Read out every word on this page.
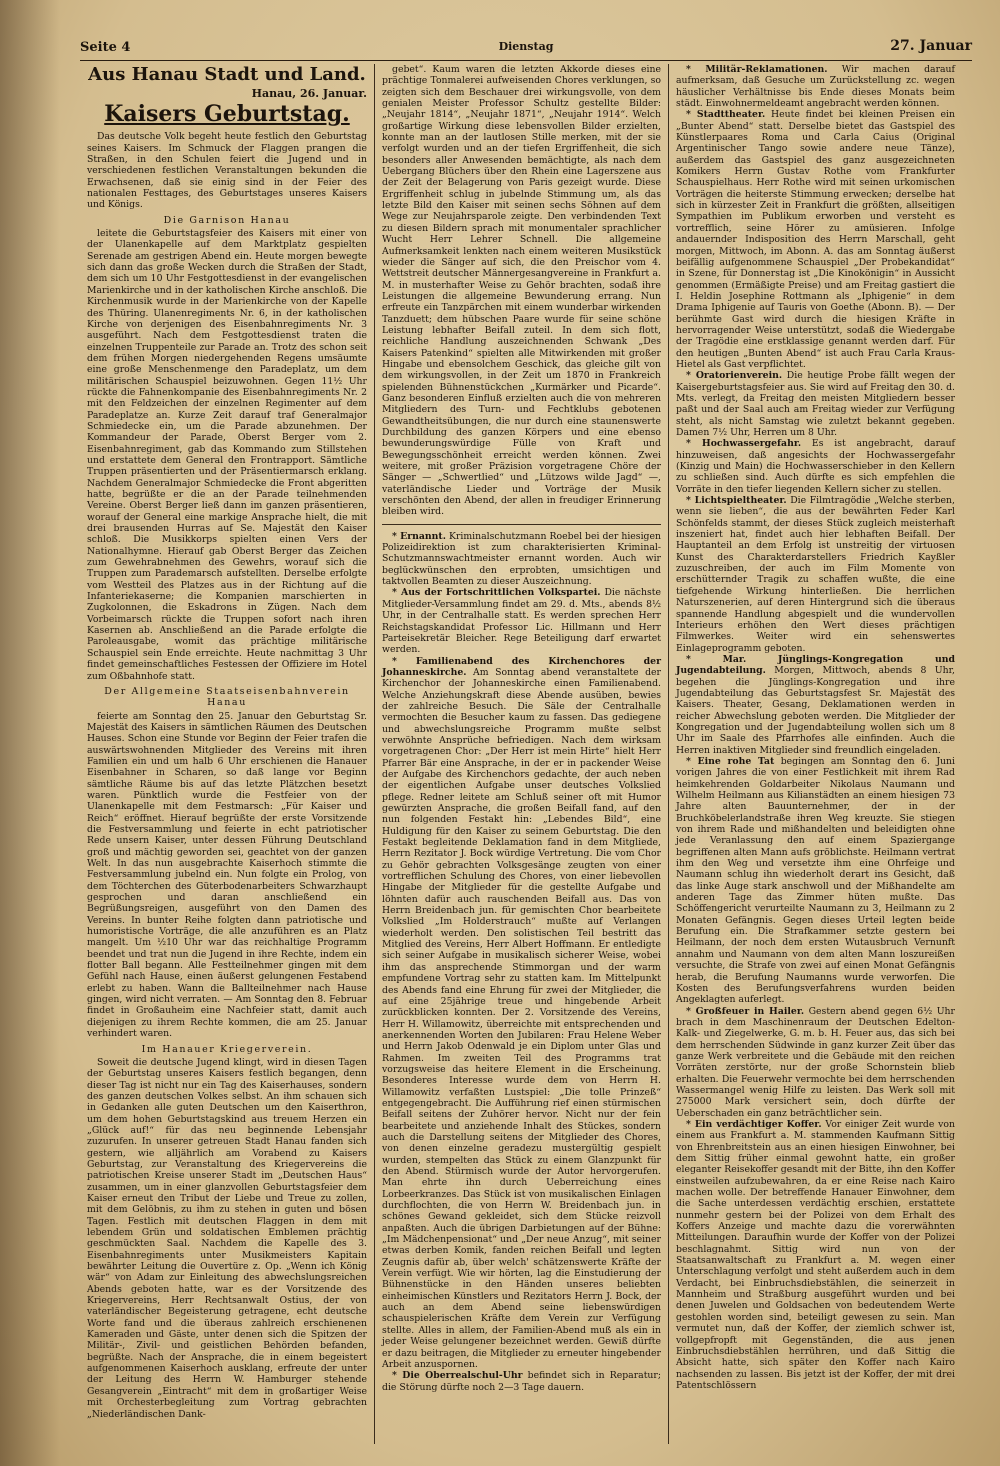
Seite 4	Dienstag	27. Januar
Aus Hanau Stadt und Land.

Hanau, 26. Januar.

Kaisers Geburtstag.

Das deutsche Volk begeht heute festlich den Geburtstag seines Kaisers. Im Schmuck der Flaggen prangen die Straßen, in den Schulen feiert die Jugend und in verschiedenen festlichen Veranstaltungen bekunden die Erwachsenen, daß sie einig sind in der Feier des nationalen Festtages, des Geburtstages unseres Kaisers und Königs.

Die Garnison Hanau

leitete die Geburtstagsfeier des Kaisers mit einer von der Ulanenkapelle auf dem Marktplatz gespielten Serenade am gestrigen Abend ein. Heute morgen bewegte sich dann das große Wecken durch die Straßen der Stadt, dem sich um 10 Uhr Festgottesdienst in der evangelischen Marienkirche und in der katholischen Kirche anschloß. Die Kirchenmusik wurde in der Marienkirche von der Kapelle des Thüring. Ulanenregiments Nr. 6, in der katholischen Kirche von derjenigen des Eisenbahnregiments Nr. 3 ausgeführt. Nach dem Festgottesdienst traten die einzelnen Truppenteile zur Parade an. Trotz des schon seit dem frühen Morgen niedergehenden Regens umsäumte eine große Menschenmenge den Paradeplatz, um dem militärischen Schauspiel beizuwohnen. Gegen 11½ Uhr rückte die Fahnenkompanie des Eisenbahnregiments Nr. 2 mit den Feldzeichen der einzelnen Regimenter auf dem Paradeplatze an. Kurze Zeit darauf traf Generalmajor Schmiedecke ein, um die Parade abzunehmen. Der Kommandeur der Parade, Oberst Berger vom 2. Eisenbahnregiment, gab das Kommando zum Stillstehen und erstattete dem General den Frontrapport. Sämtliche Truppen präsentierten und der Präsentiermarsch erklang. Nachdem Generalmajor Schmiedecke die Front abgeritten hatte, begrüßte er die an der Parade teilnehmenden Vereine. Oberst Berger ließ dann im ganzen präsentieren, worauf der General eine markige Ansprache hielt, die mit drei brausenden Hurras auf Se. Majestät den Kaiser schloß. Die Musikkorps spielten einen Vers der Nationalhymne. Hierauf gab Oberst Berger das Zeichen zum Gewehrabnehmen des Gewehrs, worauf sich die Truppen zum Parademarsch aufstellten. Derselbe erfolgte vom Westteil des Platzes aus in der Richtung auf die Infanteriekaserne; die Kompanien marschierten in Zugkolonnen, die Eskadrons in Zügen. Nach dem Vorbeimarsch rückte die Truppen sofort nach ihren Kasernen ab. Anschließend an die Parade erfolgte die Paroleausgabe, womit das prächtige militärische Schauspiel sein Ende erreichte. Heute nachmittag 3 Uhr findet gemeinschaftliches Festessen der Offiziere im Hotel zum Oßbahnhofe statt.

Der Allgemeine Staatseisenbahnverein Hanau

feierte am Sonntag den 25. Januar den Geburtstag Sr. Majestät des Kaisers in sämtlichen Räumen des Deutschen Hauses. Schon eine Stunde vor Beginn der Feier trafen die auswärtswohnenden Mitglieder des Vereins mit ihren Familien ein und um halb 6 Uhr erschienen die Hanauer Eisenbahner in Scharen, so daß lange vor Beginn sämtliche Räume bis auf das letzte Plätzchen besetzt waren. Pünktlich wurde die Festfeier von der Ulanenkapelle mit dem Festmarsch: „Für Kaiser und Reich“ eröffnet. Hierauf begrüßte der erste Vorsitzende die Festversammlung und feierte in echt patriotischer Rede unsern Kaiser, unter dessen Führung Deutschland groß und mächtig geworden sei, geachtet von der ganzen Welt. In das nun ausgebrachte Kaiserhoch stimmte die Festversammlung jubelnd ein. Nun folgte ein Prolog, von dem Töchterchen des Güterbodenarbeiters Schwarzhaupt gesprochen und daran anschließend ein Begrüßungsreigen, ausgeführt von den Damen des Vereins. In bunter Reihe folgten dann patriotische und humoristische Vorträge, die alle anzuführen es an Platz mangelt. Um ½10 Uhr war das reichhaltige Programm beendet und trat nun die Jugend in ihre Rechte, indem ein flotter Ball begann. Alle Festteilnehmer gingen mit dem Gefühl nach Hause, einen äußerst gelungenen Festabend erlebt zu haben. Wann die Ballteilnehmer nach Hause gingen, wird nicht verraten. — Am Sonntag den 8. Februar findet in Großauheim eine Nachfeier statt, damit auch diejenigen zu ihrem Rechte kommen, die am 25. Januar verhindert waren.

Im Hanauer Kriegerverein.

Soweit die deutsche Jugend klingt, wird in diesen Tagen der Geburtstag unseres Kaisers festlich begangen, denn dieser Tag ist nicht nur ein Tag des Kaiserhauses, sondern des ganzen deutschen Volkes selbst. An ihm schauen sich in Gedanken alle guten Deutschen um den Kaiserthron, um dem hohen Geburtstagskind aus treuem Herzen ein „Glück auf!“ für das neu beginnende Lebensjahr zuzurufen. In unserer getreuen Stadt Hanau fanden sich gestern, wie alljährlich am Vorabend zu Kaisers Geburtstag, zur Veranstaltung des Kriegervereins die patriotischen Kreise unserer Stadt im „Deutschen Haus“ zusammen, um in einer glanzvollen Geburtstagsfeier dem Kaiser erneut den Tribut der Liebe und Treue zu zollen, mit dem Gelöbnis, zu ihm zu stehen in guten und bösen Tagen. Festlich mit deutschen Flaggen in dem mit lebendem Grün und soldatischen Emblemen prächtig geschmückten Saal. Nachdem die Kapelle des 3. Eisenbahnregiments unter Musikmeisters Kapitain bewährter Leitung die Ouvertüre z. Op. „Wenn ich König wär“ von Adam zur Einleitung des abwechslungsreichen Abends geboten hatte, war es der Vorsitzende des Kriegervereins, Herr Rechtsanwalt Ostius, der von vaterländischer Begeisterung getragene, echt deutsche Worte fand und die überaus zahlreich erschienenen Kameraden und Gäste, unter denen sich die Spitzen der Militär-, Zivil- und geistlichen Behörden befanden, begrüßte. Nach der Ansprache, die in einem begeistert aufgenommenen Kaiserhoch ausklang, erfreute der unter der Leitung des Herrn W. Hamburger stehende Gesangverein „Eintracht“ mit dem in großartiger Weise mit Orchesterbegleitung zum Vortrag gebrachten „Niederländischen Dank-

gebet“. Kaum waren die letzten Akkorde dieses eine prächtige Tonmalerei aufweisenden Chores verklungen, so zeigten sich dem Beschauer drei wirkungsvolle, von dem genialen Meister Professor Schultz gestellte Bilder: „Neujahr 1814“, „Neujahr 1871“, „Neujahr 1914“. Welch großartige Wirkung diese lebensvollen Bilder erzielten, konnte man an der lautlosen Stille merken, mit der sie verfolgt wurden und an der tiefen Ergriffenheit, die sich besonders aller Anwesenden bemächtigte, als nach dem Uebergang Blüchers über den Rhein eine Lagerszene aus der Zeit der Belagerung von Paris gezeigt wurde. Diese Ergriffenheit schlug in jubelnde Stimmung um, als das letzte Bild den Kaiser mit seinen sechs Söhnen auf dem Wege zur Neujahrsparole zeigte. Den verbindenden Text zu diesen Bildern sprach mit monumentaler sprachlicher Wucht Herr Lehrer Schnell. Die allgemeine Aufmerksamkeit lenkten nach einem weiteren Musikstück wieder die Sänger auf sich, die den Preischor vom 4. Wettstreit deutscher Männergesangvereine in Frankfurt a. M. in musterhafter Weise zu Gehör brachten, sodaß ihre Leistungen die allgemeine Bewunderung errang. Nun erfreute ein Tanzpärchen mit einem wunderbar wirkenden Tanzduett; dem hübschen Paare wurde für seine schöne Leistung lebhafter Beifall zuteil. In dem sich flott, reichliche Handlung auszeichnenden Schwank „Des Kaisers Patenkind“ spielten alle Mitwirkenden mit großer Hingabe und ebensolchem Geschick, das gleiche gilt von dem wirkungsvollen, in der Zeit um 1870 in Frankreich spielenden Bühnenstückchen „Kurmärker und Picarde“. Ganz besonderen Einfluß erzielten auch die von mehreren Mitgliedern des Turn- und Fechtklubs gebotenen Gewandtheitsübungen, die nur durch eine staunenswerte Durchbildung des ganzen Körpers und eine ebenso bewunderungswürdige Fülle von Kraft und Bewegungsschönheit erreicht werden können. Zwei weitere, mit großer Präzision vorgetragene Chöre der Sänger — „Schwertlied“ und „Lützows wilde Jagd“ —, vaterländische Lieder und Vorträge der Musik verschönten den Abend, der allen in freudiger Erinnerung bleiben wird.

* Ernannt. Kriminalschutzmann Roebel bei der hiesigen Polizeidirektion ist zum charakterisierten Kriminal-Schutzmannswachtmeister ernannt worden. Auch wir beglückwünschen den erprobten, umsichtigen und taktvollen Beamten zu dieser Auszeichnung.

* Aus der Fortschrittlichen Volkspartei. Die nächste Mitglieder-Versammlung findet am 29. d. Mts., abends 8½ Uhr, in der Centralhalle statt. Es werden sprechen Herr Reichstagskandidat Professor Lic. Hillmann und Herr Parteisekretär Bleicher. Rege Beteiligung darf erwartet werden.

* Familienabend des Kirchenchores der Johanneskirche. Am Sonntag abend veranstaltete der Kirchenchor der Johanneskirche einen Familienabend. Welche Anziehungskraft diese Abende ausüben, bewies der zahlreiche Besuch. Die Säle der Centralhalle vermochten die Besucher kaum zu fassen. Das gediegene und abwechslungsreiche Programm mußte selbst verwöhnte Ansprüche befriedigen. Nach dem wirksam vorgetragenen Chor: „Der Herr ist mein Hirte“ hielt Herr Pfarrer Bär eine Ansprache, in der er in packender Weise der Aufgabe des Kirchenchors gedachte, der auch neben der eigentlichen Aufgabe unser deutsches Volkslied pflege. Redner leitete am Schluß seiner oft mit Humor gewürzten Ansprache, die großen Beifall fand, auf den nun folgenden Festakt hin: „Lebendes Bild“, eine Huldigung für den Kaiser zu seinem Geburtstag. Die den Festakt begleitende Deklamation fand in dem Mitgliede, Herrn Rezitator J. Bock würdige Vertretung. Die vom Chor zu Gehör gebrachten Volksgesänge zeugten von einer vortrefflichen Schulung des Chores, von einer liebevollen Hingabe der Mitglieder für die gestellte Aufgabe und löhnten dafür auch rauschenden Beifall aus. Das von Herrn Breidenbach jun. für gemischten Chor bearbeitete Volkslied „Im Holderstrauch“ mußte auf Verlangen wiederholt werden. Den solistischen Teil bestritt das Mitglied des Vereins, Herr Albert Hoffmann. Er entledigte sich seiner Aufgabe in musikalisch sicherer Weise, wobei ihm das ansprechende Stimmorgan und der warm empfundene Vortrag sehr zu statten kam. Im Mittelpunkt des Abends fand eine Ehrung für zwei der Mitglieder, die auf eine 25jährige treue und hingebende Arbeit zurückblicken konnten. Der 2. Vorsitzende des Vereins, Herr H. Willamowitz, überreichte mit entsprechenden und anerkennenden Worten den Jubilaren: Frau Helene Weber und Herrn Jakob Odenwald je ein Diplom unter Glas und Rahmen. Im zweiten Teil des Programms trat vorzugsweise das heitere Element in die Erscheinung. Besonderes Interesse wurde dem von Herrn H. Willamowitz verfaßten Lustspiel: „Die tolle Prinzeß“ entgegengebracht. Die Aufführung rief einen stürmischen Beifall seitens der Zuhörer hervor. Nicht nur der fein bearbeitete und anziehende Inhalt des Stückes, sondern auch die Darstellung seitens der Mitglieder des Chores, von denen einzelne geradezu mustergültig gespielt wurden, stempelten das Stück zu einem Glanzpunkt für den Abend. Stürmisch wurde der Autor hervorgerufen. Man ehrte ihn durch Ueberreichung eines Lorbeerkranzes. Das Stück ist von musikalischen Einlagen durchflochten, die von Herrn W. Breidenbach jun. in schönes Gewand gekleidet, sich dem Stücke reizvoll anpaßten. Auch die übrigen Darbietungen auf der Bühne: „Im Mädchenpensionat“ und „Der neue Anzug“, mit seiner etwas derben Komik, fanden reichen Beifall und legten Zeugnis dafür ab, über welch' schätzenswerte Kräfte der Verein verfügt. Wie wir hörten, lag die Einstudierung der Bühnenstücke in den Händen unseres beliebten einheimischen Künstlers und Rezitators Herrn J. Bock, der auch an dem Abend seine liebenswürdigen schauspielerischen Kräfte dem Verein zur Verfügung stellte. Alles in allem, der Familien-Abend muß als ein in jeder Weise gelungener bezeichnet werden. Gewiß dürfte er dazu beitragen, die Mitglieder zu erneuter hingebender Arbeit anzuspornen.

* Die Oberrealschul-Uhr befindet sich in Reparatur; die Störung dürfte noch 2—3 Tage dauern.

* Militär-Reklamationen. Wir machen darauf aufmerksam, daß Gesuche um Zurückstellung zc. wegen häuslicher Verhältnisse bis Ende dieses Monats beim städt. Einwohnermeldeamt angebracht werden können.

* Stadttheater. Heute findet bei kleinen Preisen ein „Bunter Abend“ statt. Derselbe bietet das Gastspiel des Künstlerpaares Roma und Carla Caius (Original Argentinischer Tango sowie andere neue Tänze), außerdem das Gastspiel des ganz ausgezeichneten Komikers Herrn Gustav Rothe vom Frankfurter Schauspielhaus. Herr Rothe wird mit seinen urkomischen Vorträgen die heiterste Stimmung erwecken; derselbe hat sich in kürzester Zeit in Frankfurt die größten, allseitigen Sympathien im Publikum erworben und versteht es vortrefflich, seine Hörer zu amüsieren. Infolge andauernder Indisposition des Herrn Marschall, geht morgen, Mittwoch, im Abonn. A. das am Sonntag äußerst beifällig aufgenommene Schauspiel „Der Probekandidat“ in Szene, für Donnerstag ist „Die Kinokönigin“ in Aussicht genommen (Ermäßigte Preise) und am Freitag gastiert die I. Heldin Josephine Rottmann als „Iphigenie“ in dem Drama Iphigenie auf Tauris von Goethe (Abonn. B). — Der berühmte Gast wird durch die hiesigen Kräfte in hervorragender Weise unterstützt, sodaß die Wiedergabe der Tragödie eine erstklassige genannt werden darf. Für den heutigen „Bunten Abend“ ist auch Frau Carla Kraus-Hietel als Gast verpflichtet.

* Oratorienverein. Die heutige Probe fällt wegen der Kaisergeburtstagsfeier aus. Sie wird auf Freitag den 30. d. Mts. verlegt, da Freitag den meisten Mitgliedern besser paßt und der Saal auch am Freitag wieder zur Verfügung steht, als nicht Samstag wie zuletzt bekannt gegeben. Damen 7½ Uhr, Herren um 8 Uhr.

* Hochwassergefahr. Es ist angebracht, darauf hinzuweisen, daß angesichts der Hochwassergefahr (Kinzig und Main) die Hochwasserschieber in den Kellern zu schließen sind. Auch dürfte es sich empfehlen die Vorräte in den tiefer liegenden Kellern sicher zu stellen.

* Lichtspieltheater. Die Filmtragödie „Welche sterben, wenn sie lieben“, die aus der bewährten Feder Karl Schönfelds stammt, der dieses Stück zugleich meisterhaft inszeniert hat, findet auch hier lebhaften Beifall. Der Hauptanteil an dem Erfolg ist unstreitig der virtuosen Kunst des Charakterdarstellers Friedrich Kayßler zuzuschreiben, der auch im Film Momente von erschütternder Tragik zu schaffen wußte, die eine tiefgehende Wirkung hinterließen. Die herrlichen Naturszenerien, auf deren Hintergrund sich die überaus spannende Handlung abgespielt und die wundervollen Interieurs erhöhen den Wert dieses prächtigen Filmwerkes. Weiter wird ein sehenswertes Einlageprogramm geboten.

* Mar. Jünglings-Kongregation und Jugendabteilung. Morgen, Mittwoch, abends 8 Uhr, begehen die Jünglings-Kongregation und ihre Jugendabteilung das Geburtstagsfest Sr. Majestät des Kaisers. Theater, Gesang, Deklamationen werden in reicher Abwechslung geboten werden. Die Mitglieder der Kongregation und der Jugendabteilung wollen sich um 8 Uhr im Saale des Pfarrhofes alle einfinden. Auch die Herren inaktiven Mitglieder sind freundlich eingeladen.

* Eine rohe Tat begingen am Sonntag den 6. Juni vorigen Jahres die von einer Festlichkeit mit ihrem Rad heimkehrenden Goldarbeiter Nikolaus Naumann und Wilhelm Heilmann aus Kilianstädten an einem hiesigen 73 Jahre alten Bauunternehmer, der in der Bruchköbelerlandstraße ihren Weg kreuzte. Sie stiegen von ihrem Rade und mißhandelten und beleidigten ohne jede Veranlassung den auf einem Spaziergange begriffenen alten Mann aufs gröblichste. Heilmann vertrat ihm den Weg und versetzte ihm eine Ohrfeige und Naumann schlug ihn wiederholt derart ins Gesicht, daß das linke Auge stark anschwoll und der Mißhandelte am anderen Tage das Zimmer hüten mußte. Das Schöffengericht verurteilte Naumann zu 3, Heilmann zu 2 Monaten Gefängnis. Gegen dieses Urteil legten beide Berufung ein. Die Strafkammer setzte gestern bei Heilmann, der noch dem ersten Wutausbruch Vernunft annahm und Naumann von dem alten Mann loszureißen versuchte, die Strafe von zwei auf einen Monat Gefängnis herab, die Berufung Naumanns wurde verworfen. Die Kosten des Berufungsverfahrens wurden beiden Angeklagten auferlegt.

* Großfeuer in Hailer. Gestern abend gegen 6½ Uhr brach in dem Maschinenraum der Deutschen Edelton-Kalk- und Ziegelwerke, G. m. b. H. Feuer aus, das sich bei dem herrschenden Südwinde in ganz kurzer Zeit über das ganze Werk verbreitete und die Gebäude mit den reichen Vorräten zerstörte, nur der große Schornstein blieb erhalten. Die Feuerwehr vermochte bei dem herrschenden Wassermangel wenig Hilfe zu leisten. Das Werk soll mit 275000 Mark versichert sein, doch dürfte der Ueberschaden ein ganz beträchtlicher sein.

* Ein verdächtiger Koffer. Vor einiger Zeit wurde von einem aus Frankfurt a. M. stammenden Kaufmann Sittig von Ehrenbreitstein aus an einen hiesigen Einwohner, bei dem Sittig früher einmal gewohnt hatte, ein großer eleganter Reisekoffer gesandt mit der Bitte, ihn den Koffer einstweilen aufzubewahren, da er eine Reise nach Kairo machen wolle. Der betreffende Hanauer Einwohner, dem die Sache unterdessen verdächtig erschien, erstattete nunmehr gestern bei der Polizei von dem Erhalt des Koffers Anzeige und machte dazu die vorerwähnten Mitteilungen. Daraufhin wurde der Koffer von der Polizei beschlagnahmt. Sittig wird nun von der Staatsanwaltschaft zu Frankfurt a. M. wegen einer Unterschlagung verfolgt und steht außerdem auch in dem Verdacht, bei Einbruchsdiebstählen, die seinerzeit in Mannheim und Straßburg ausgeführt wurden und bei denen Juwelen und Goldsachen von bedeutendem Werte gestohlen worden sind, beteiligt gewesen zu sein. Man vermutet nun, daß der Koffer, der ziemlich schwer ist, vollgepfropft mit Gegenständen, die aus jenen Einbruchsdiebstählen herrühren, und daß Sittig die Absicht hatte, sich später den Koffer nach Kairo nachsenden zu lassen. Bis jetzt ist der Koffer, der mit drei Patentschlössern
